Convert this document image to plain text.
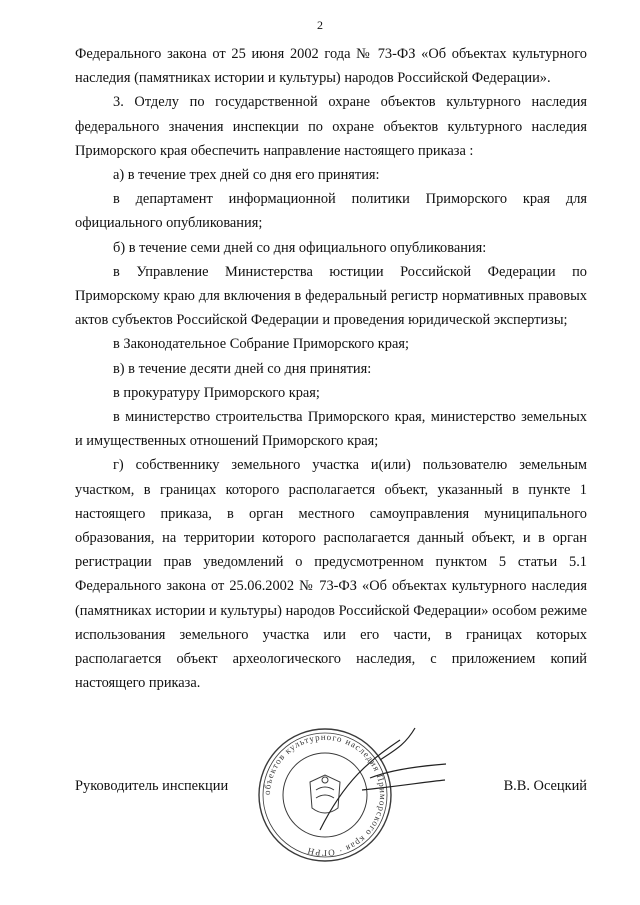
2

Федерального закона от 25 июня 2002 года № 73-ФЗ «Об объектах культурного наследия (памятниках истории и культуры) народов Российской Федерации».

3. Отделу по государственной охране объектов культурного наследия федерального значения инспекции по охране объектов культурного наследия Приморского края обеспечить направление настоящего приказа :

а) в течение трех дней со дня его принятия:

в департамент информационной политики Приморского края для официального опубликования;

б) в течение семи дней со дня официального опубликования:

в Управление Министерства юстиции Российской Федерации по Приморскому краю для включения в федеральный регистр нормативных правовых актов субъектов Российской Федерации и проведения юридической экспертизы;

в Законодательное Собрание Приморского края;

в) в течение десяти дней со дня принятия:

в прокуратуру Приморского края;

в министерство строительства Приморского края, министерство земельных и имущественных отношений Приморского края;

г) собственнику земельного участка и(или) пользователю земельным участком, в границах которого располагается объект, указанный в пункте 1 настоящего приказа, в орган местного самоуправления муниципального образования, на территории которого располагается данный объект, и в орган регистрации прав уведомлений о предусмотренном пунктом 5 статьи 5.1 Федерального закона от 25.06.2002 № 73-ФЗ «Об объектах культурного наследия (памятниках истории и культуры) народов Российской Федерации» особом режиме использования земельного участка или его части, в границах которых располагается объект археологического наследия, с приложением копий настоящего приказа.

Руководитель инспекции	В.В. Осецкий
объектов культурного наследия Приморского края · ОГРН
